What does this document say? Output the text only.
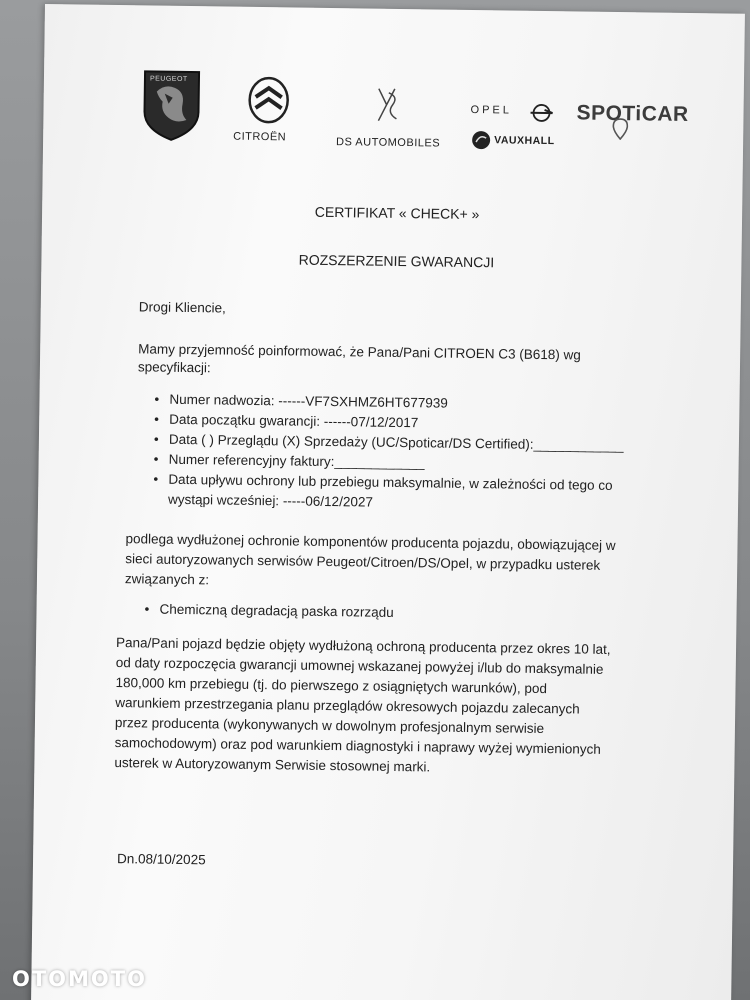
PEUGEOT
CITROËN	DS AUTOMOBILES
OPEL
VAUXHALL
SPOTiCAR
CERTIFIKAT « CHECK+ »
ROZSZERZENIE GWARANCJI
Drogi Kliencie,
Mamy przyjemność poinformować, że Pana/Pani CITROEN C3 (B618) wg
specyfikacji:
• Numer nadwozia: ------VF7SXHMZ6HT677939
• Data początku gwarancji: ------07/12/2017
• Data ( ) Przeglądu (X) Sprzedaży (UC/Spoticar/DS Certified):____________
• Numer referencyjny faktury:____________
• Data upływu ochrony lub przebiegu maksymalnie, w zależności od tego co
wystąpi wcześniej: -----06/12/2027
podlega wydłużonej ochronie komponentów producenta pojazdu, obowiązującej w
sieci autoryzowanych serwisów Peugeot/Citroen/DS/Opel, w przypadku usterek
związanych z:
• Chemiczną degradacją paska rozrządu
Pana/Pani pojazd będzie objęty wydłużoną ochroną producenta przez okres 10 lat,
od daty rozpoczęcia gwarancji umownej wskazanej powyżej i/lub do maksymalnie
180,000 km przebiegu (tj. do pierwszego z osiągniętych warunków), pod
warunkiem przestrzegania planu przeglądów okresowych pojazdu zalecanych
przez producenta (wykonywanych w dowolnym profesjonalnym serwisie
samochodowym) oraz pod warunkiem diagnostyki i naprawy wyżej wymienionych
usterek w Autoryzowanym Serwisie stosownej marki.
Dn.08/10/2025
OTOMOTO
